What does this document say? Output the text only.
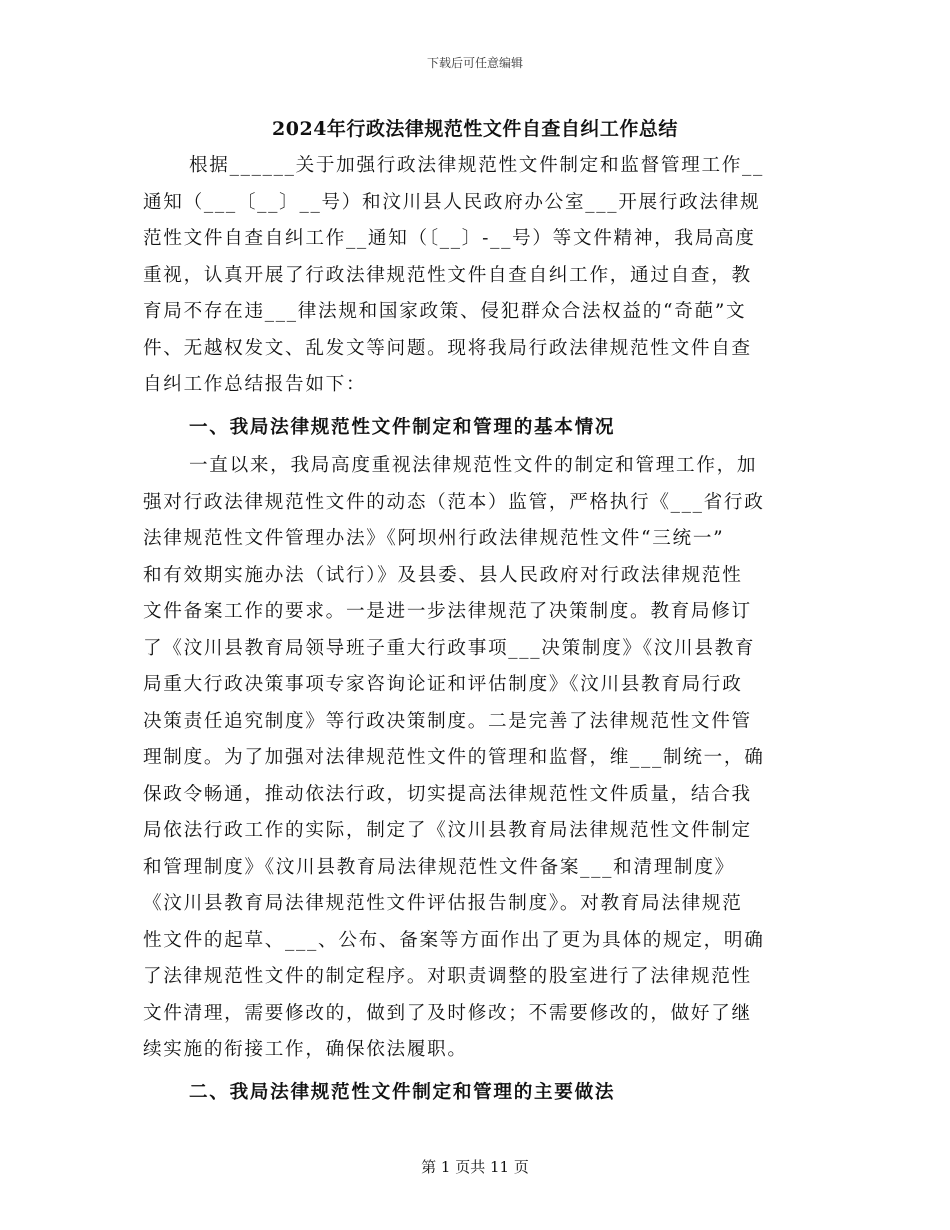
下载后可任意编辑
2024年行政法律规范性文件自查自纠工作总结
根据______关于加强行政法律规范性文件制定和监督管理工作__
通知（___〔__〕__号）和汶川县人民政府办公室___开展行政法律规
范性文件自查自纠工作__通知（〔__〕-__号）等文件精神，我局高度
重视，认真开展了行政法律规范性文件自查自纠工作，通过自查，教
育局不存在违___律法规和国家政策、侵犯群众合法权益的“奇葩”文
件、无越权发文、乱发文等问题。现将我局行政法律规范性文件自查
自纠工作总结报告如下：
一、我局法律规范性文件制定和管理的基本情况
一直以来，我局高度重视法律规范性文件的制定和管理工作，加
强对行政法律规范性文件的动态（范本）监管，严格执行《___省行政
法律规范性文件管理办法》《阿坝州行政法律规范性文件“三统一”
和有效期实施办法（试行）》及县委、县人民政府对行政法律规范性
文件备案工作的要求。一是进一步法律规范了决策制度。教育局修订
了《汶川县教育局领导班子重大行政事项___决策制度》《汶川县教育
局重大行政决策事项专家咨询论证和评估制度》《汶川县教育局行政
决策责任追究制度》等行政决策制度。二是完善了法律规范性文件管
理制度。为了加强对法律规范性文件的管理和监督，维___制统一，确
保政令畅通，推动依法行政，切实提高法律规范性文件质量，结合我
局依法行政工作的实际，制定了《汶川县教育局法律规范性文件制定
和管理制度》《汶川县教育局法律规范性文件备案___和清理制度》
《汶川县教育局法律规范性文件评估报告制度》。对教育局法律规范
性文件的起草、___、公布、备案等方面作出了更为具体的规定，明确
了法律规范性文件的制定程序。对职责调整的股室进行了法律规范性
文件清理，需要修改的，做到了及时修改；不需要修改的，做好了继
续实施的衔接工作，确保依法履职。
二、我局法律规范性文件制定和管理的主要做法
第 1 页共 11 页
